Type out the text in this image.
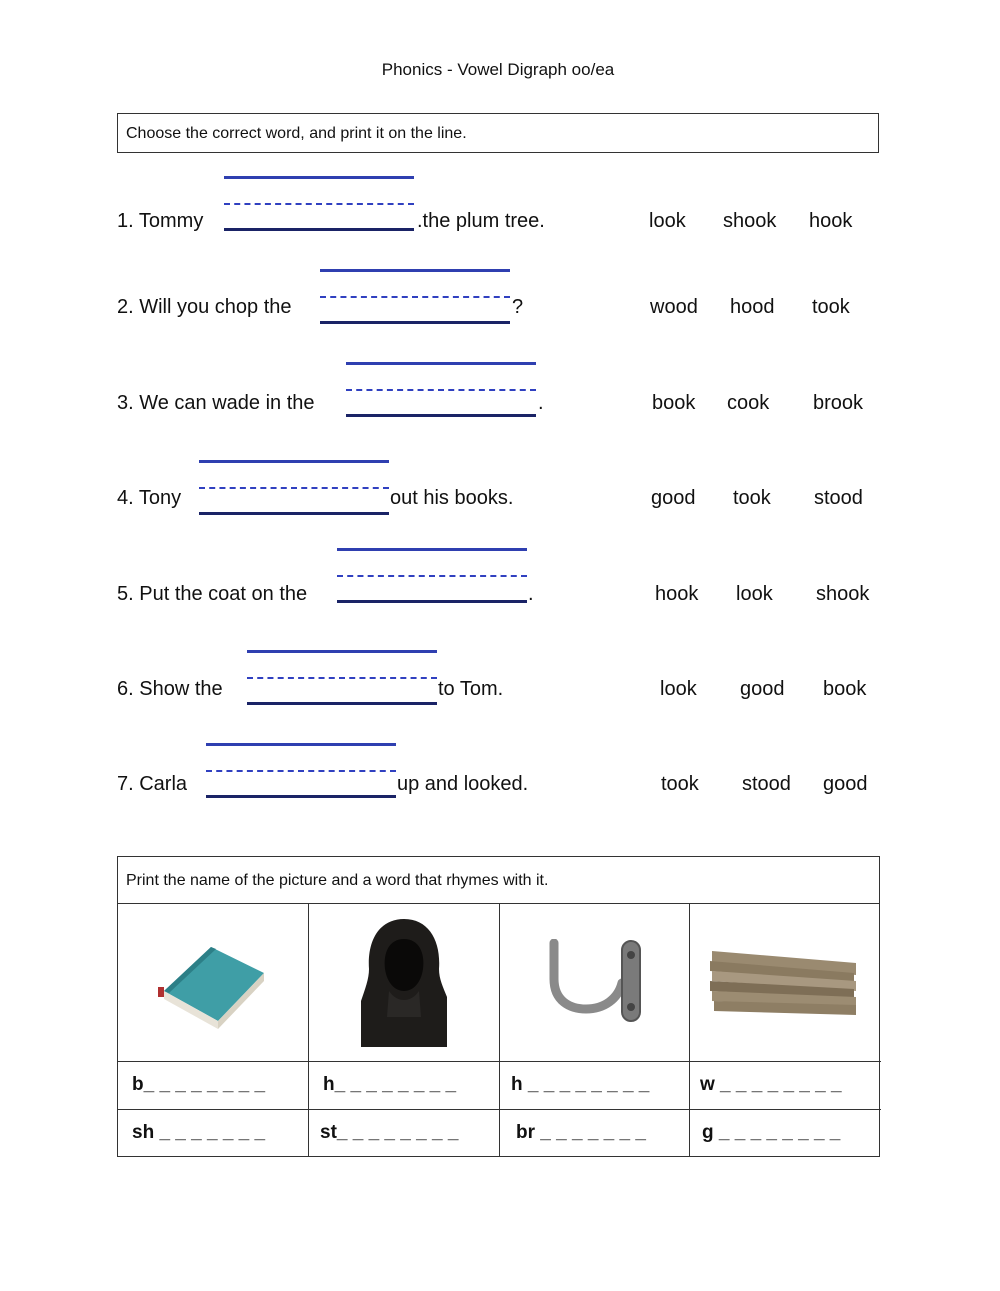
Phonics - Vowel Digraph oo/ea
Choose the correct word, and print it on the line.
1. Tommy	.the plum tree.	look shook hook
2. Will you chop the	?	wood hood took
3. We can wade in the	.	book cook brook
4. Tony	out his books.	good took stood
5. Put the coat on the	.	hook look shook
6. Show the	to Tom.	look good book
7. Carla	up and looked.	took stood good
Print the name of the picture and a word that rhymes with it.
b_ _ _ _ _ _ _ _	h_ _ _ _ _ _ _ _	h _ _ _ _ _ _ _ _	w _ _ _ _ _ _ _ _
sh _ _ _ _ _ _ _	st_ _ _ _ _ _ _ _	br _ _ _ _ _ _ _	g _ _ _ _ _ _ _ _
